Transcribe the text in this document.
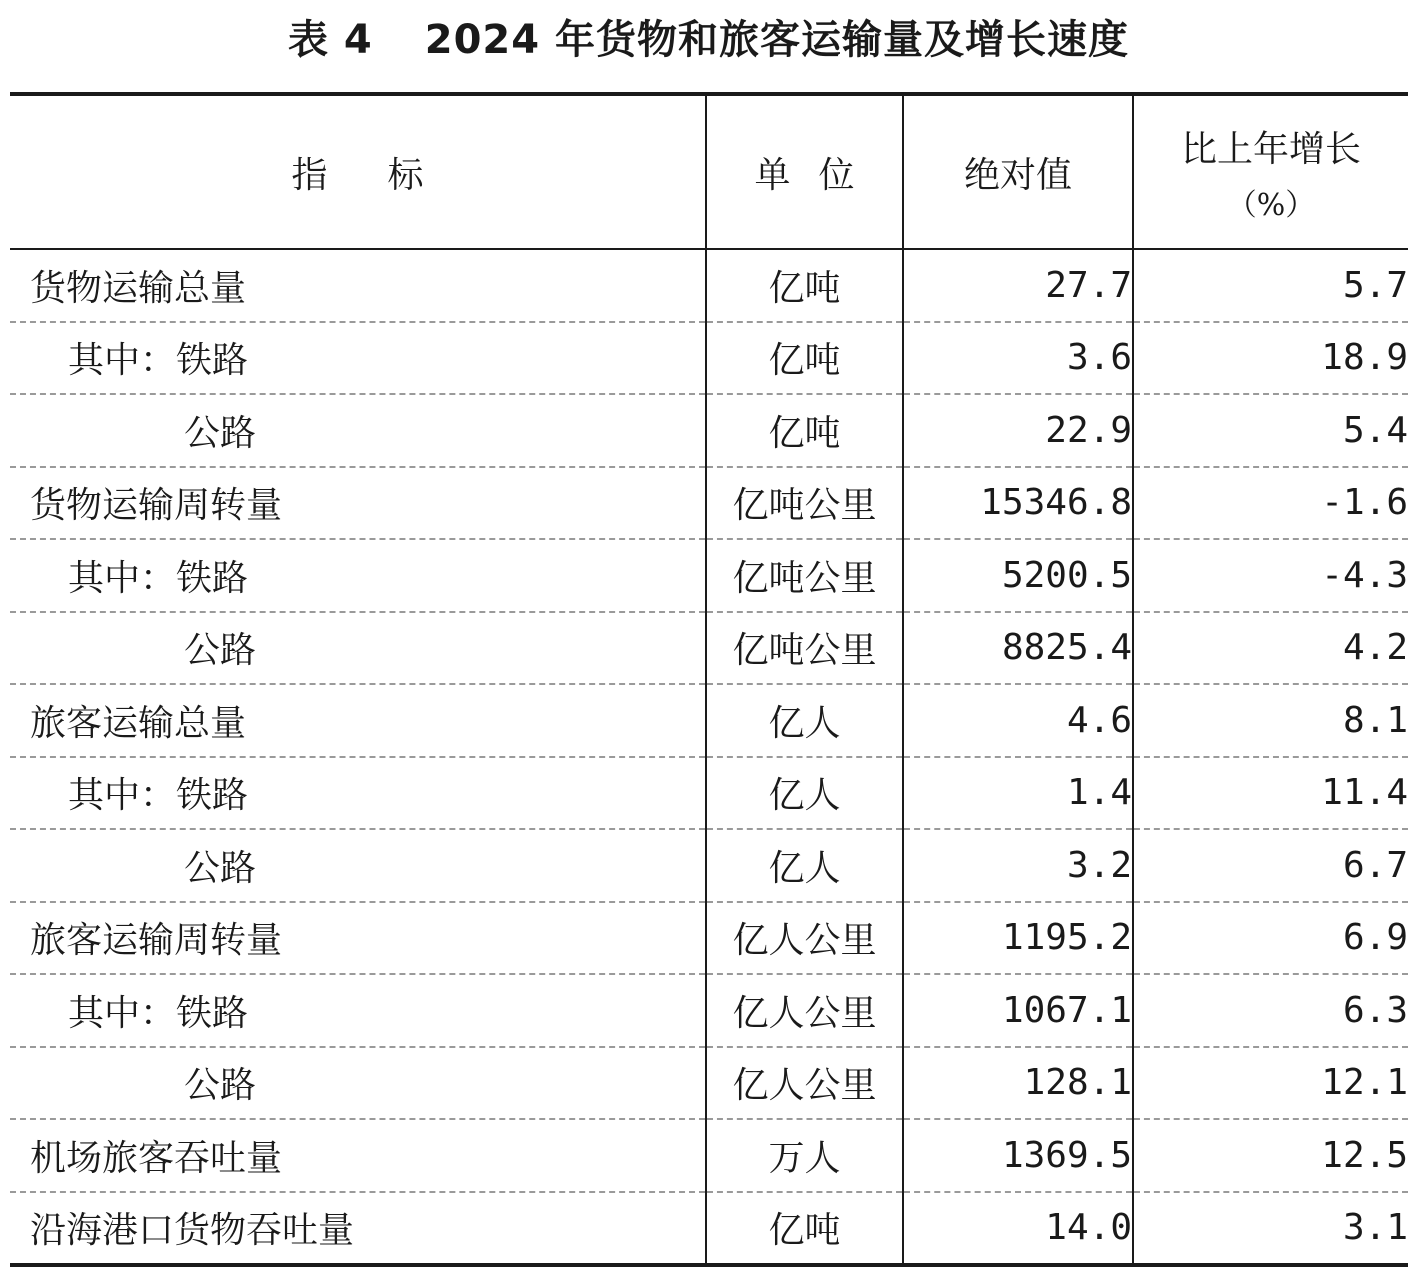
表 4 2024 年货物和旅客运输量及增长速度
指标	单位	绝对值	比上年增长
（%）

货物运输总量	亿吨	27.7	5.7
其中：铁路	亿吨	3.6	18.9
公路	亿吨	22.9	5.4
货物运输周转量	亿吨公里	15346.8	-1.6
其中：铁路	亿吨公里	5200.5	-4.3
公路	亿吨公里	8825.4	4.2
旅客运输总量	亿人	4.6	8.1
其中：铁路	亿人	1.4	11.4
公路	亿人	3.2	6.7
旅客运输周转量	亿人公里	1195.2	6.9
其中：铁路	亿人公里	1067.1	6.3
公路	亿人公里	128.1	12.1
机场旅客吞吐量	万人	1369.5	12.5
沿海港口货物吞吐量	亿吨	14.0	3.1
